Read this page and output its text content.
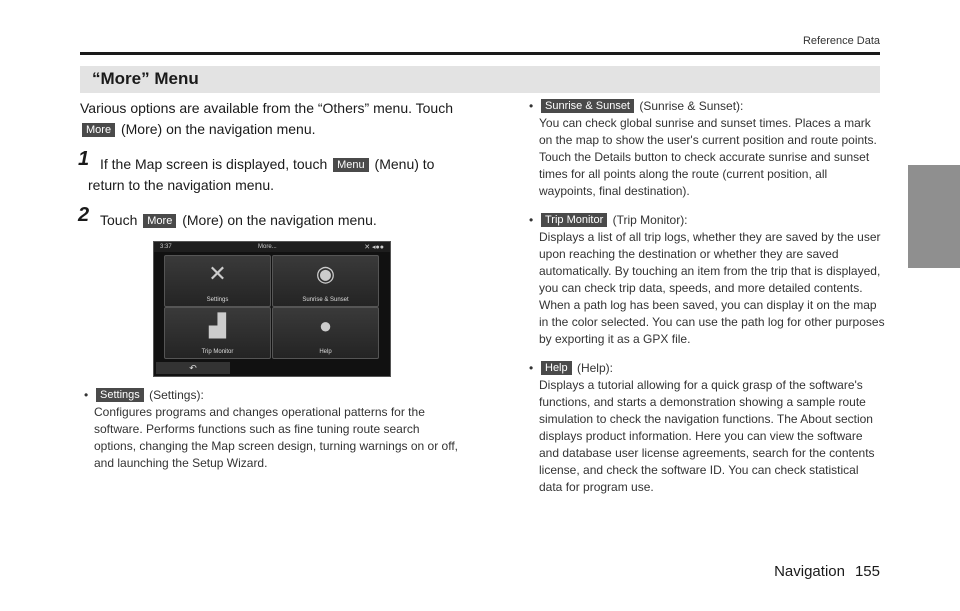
Reference Data
“More” Menu

Various options are available from the “Others” menu. Touch
More (More) on the navigation menu.

1 If the Map screen is displayed, touch Menu (Menu) to return to the navigation menu.

2 Touch More (More) on the navigation menu.

3:37	More...	✕ ◂●●
✕
Settings
◉
Sunrise & Sunset
▟
Trip Monitor
●
Help
↶

• Settings (Settings):
Configures programs and changes operational patterns for the software. Performs functions such as fine tuning route search options, changing the Map screen design, turning warnings on or off, and launching the Setup Wizard.

• Sunrise & Sunset (Sunrise & Sunset):
You can check global sunrise and sunset times. Places a mark on the map to show the user's current position and route points. Touch the Details button to check accurate sunrise and sunset times for all points along the route (current position, all waypoints, final destination).

• Trip Monitor (Trip Monitor):
Displays a list of all trip logs, whether they are saved by the user upon reaching the destination or whether they are saved automatically. By touching an item from the trip that is displayed, you can check trip data, speeds, and more detailed contents. When a path log has been saved, you can display it on the map in the color selected. You can use the path log for other purposes by exporting it as a GPX file.

• Help (Help):
Displays a tutorial allowing for a quick grasp of the software's functions, and starts a demonstration showing a sample route simulation to check the navigation functions. The About section displays product information. Here you can view the software and database user license agreements, search for the contents license, and check the software ID. You can check statistical data for program use.

Navigation 155
